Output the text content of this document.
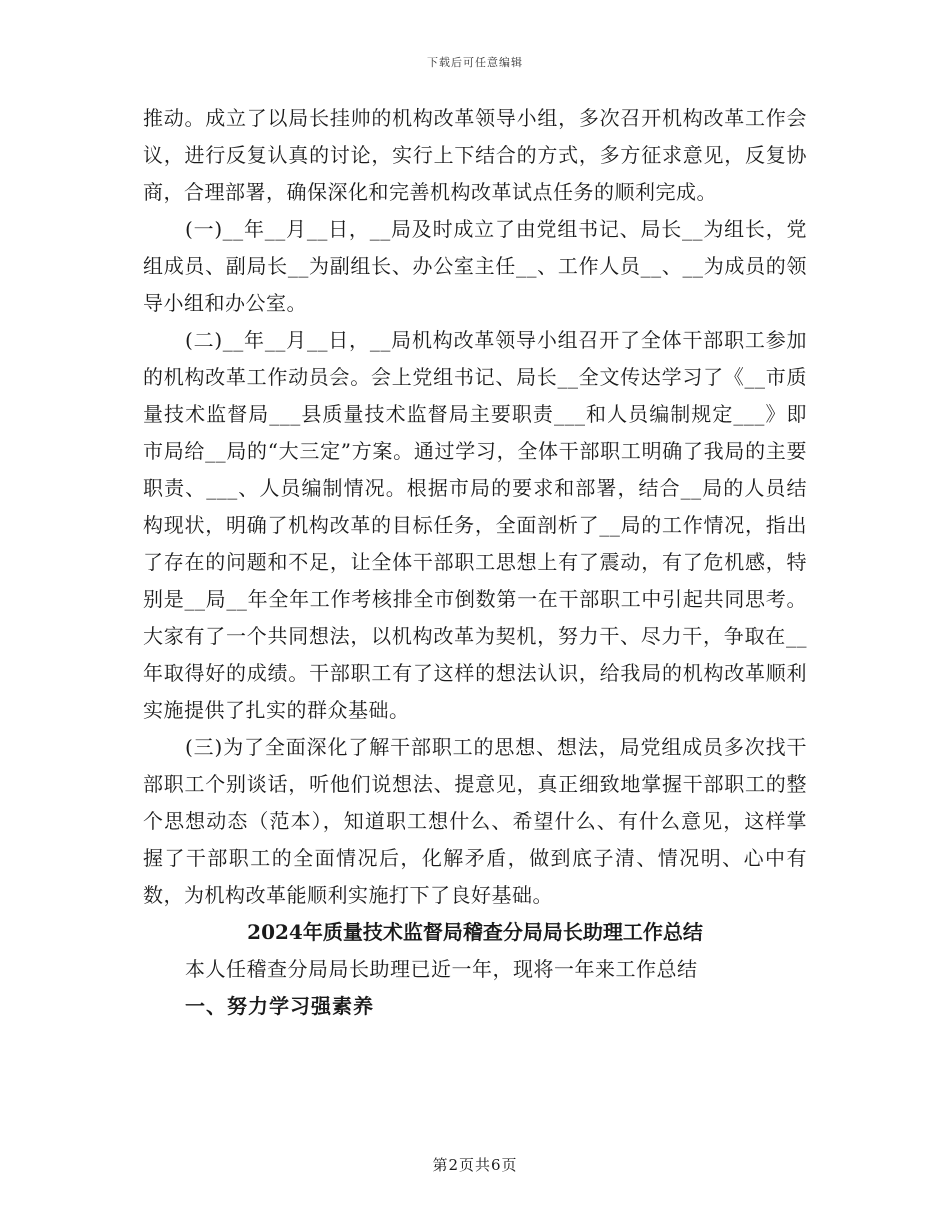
下载后可任意编辑

推动。成立了以局长挂帅的机构改革领导小组，多次召开机构改革工作会议，进行反复认真的讨论，实行上下结合的方式，多方征求意见，反复协商，合理部署，确保深化和完善机构改革试点任务的顺利完成。

(一)__年__月__日，__局及时成立了由党组书记、局长__为组长，党组成员、副局长__为副组长、办公室主任__、工作人员__、__为成员的领导小组和办公室。

(二)__年__月__日，__局机构改革领导小组召开了全体干部职工参加的机构改革工作动员会。会上党组书记、局长__全文传达学习了《__市质量技术监督局___县质量技术监督局主要职责___和人员编制规定___》即市局给__局的“大三定”方案。通过学习，全体干部职工明确了我局的主要职责、___、人员编制情况。根据市局的要求和部署，结合__局的人员结构现状，明确了机构改革的目标任务，全面剖析了__局的工作情况，指出了存在的问题和不足，让全体干部职工思想上有了震动，有了危机感，特别是__局__年全年工作考核排全市倒数第一在干部职工中引起共同思考。大家有了一个共同想法，以机构改革为契机，努力干、尽力干，争取在__年取得好的成绩。干部职工有了这样的想法认识，给我局的机构改革顺利实施提供了扎实的群众基础。

(三)为了全面深化了解干部职工的思想、想法，局党组成员多次找干部职工个别谈话，听他们说想法、提意见，真正细致地掌握干部职工的整个思想动态（范本），知道职工想什么、希望什么、有什么意见，这样掌握了干部职工的全面情况后，化解矛盾，做到底子清、情况明、心中有数，为机构改革能顺利实施打下了良好基础。

2024年质量技术监督局稽查分局局长助理工作总结

本人任稽查分局局长助理已近一年，现将一年来工作总结

一、努力学习强素养

第2页共6页
